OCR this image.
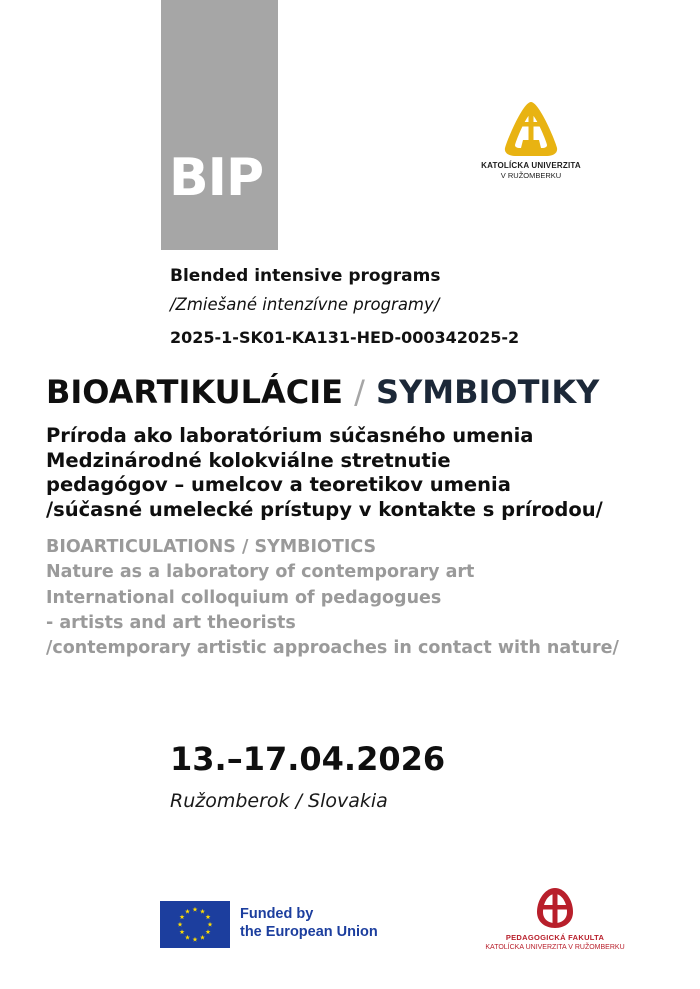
BIP	KATOLÍCKA UNIVERZITA
V RUŽOMBERKU
Blended intensive programs
/Zmiešané intenzívne programy/
2025-1-SK01-KA131-HED-000342025-2
BIOARTIKULÁCIE / SYMBIOTIKY
Príroda ako laboratórium súčasného umenia
Medzinárodné kolokviálne stretnutie
pedagógov – umelcov a teoretikov umenia
/súčasné umelecké prístupy v kontakte s prírodou/
BIOARTICULATIONS / SYMBIOTICS
Nature as a laboratory of contemporary art
International colloquium of pedagogues
- artists and art theorists
/contemporary artistic approaches in contact with nature/
13.–17.04.2026
Ružomberok / Slovakia
Funded by
the European Union	PEDAGOGICKÁ FAKULTA
KATOLÍCKA UNIVERZITA V RUŽOMBERKU
